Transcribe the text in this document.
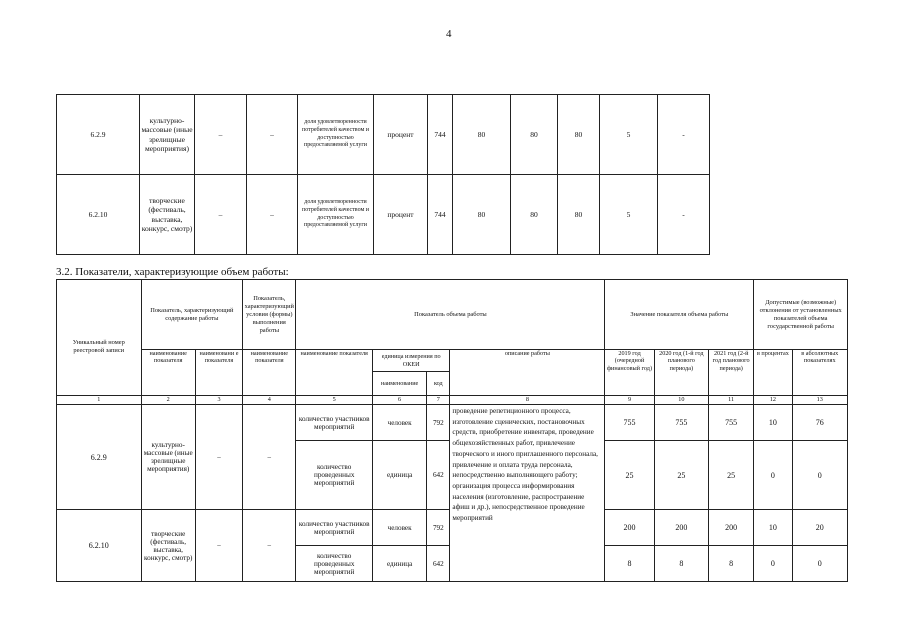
4
6.2.9	культурно-массовые (иные зрелищные мероприятия)	–	–	доля удовлетворенности потребителей качеством и доступностью предоставляемой услуги	процент	744	80	80	80	5	-
6.2.10	творческие (фестиваль, выставка, конкурс, смотр)	–	–	доля удовлетворенности потребителей качеством и доступностью предоставляемой услуги	процент	744	80	80	80	5	-
3.2. Показатели, характеризующие объем работы:
Уникальный номер реестровой записи	Показатель, характеризующий содержание работы		Показатель, характеризующий условия (формы) выполнения работы	Показатель объема работы				Значение показателя объема работы			Допустимые (возможные) отклонения от установленных показателей объема государственной работы	
	наименование показателя	наименовани е показателя	наименование показателя	наименование показателя	единица измерения по ОКЕИ		описание работы	2019 год (очередной финансовый год)	2020 год (1-й год планового периода)	2021 год (2-й год планового периода)	в процентах	в абсолютных показателях
					наименование	код						
1	2	3	4	5	6	7	8	9	10	11	12	13
6.2.9	культурно-массовые (иные зрелищные мероприятия)	–	–	количество участников мероприятий	человек	792	проведение репетиционного процесса, изготовление сценических, постановочных средств, приобретение инвентаря, проведение общехозяйственных работ, привлечение творческого и иного приглашенного персонала, привлечение и оплата труда персонала, непосредственно выполняющего работу; организация процесса информирования населения (изготовление, распространение афиш и др.), непосредственное проведение мероприятий	755	755	755	10	76
				количество проведенных мероприятий	единица	642		25	25	25	0	0
6.2.10	творческие (фестиваль, выставка, конкурс, смотр)	–	–	количество участников мероприятий	человек	792		200	200	200	10	20
				количество проведенных мероприятий	единица	642		8	8	8	0	0
